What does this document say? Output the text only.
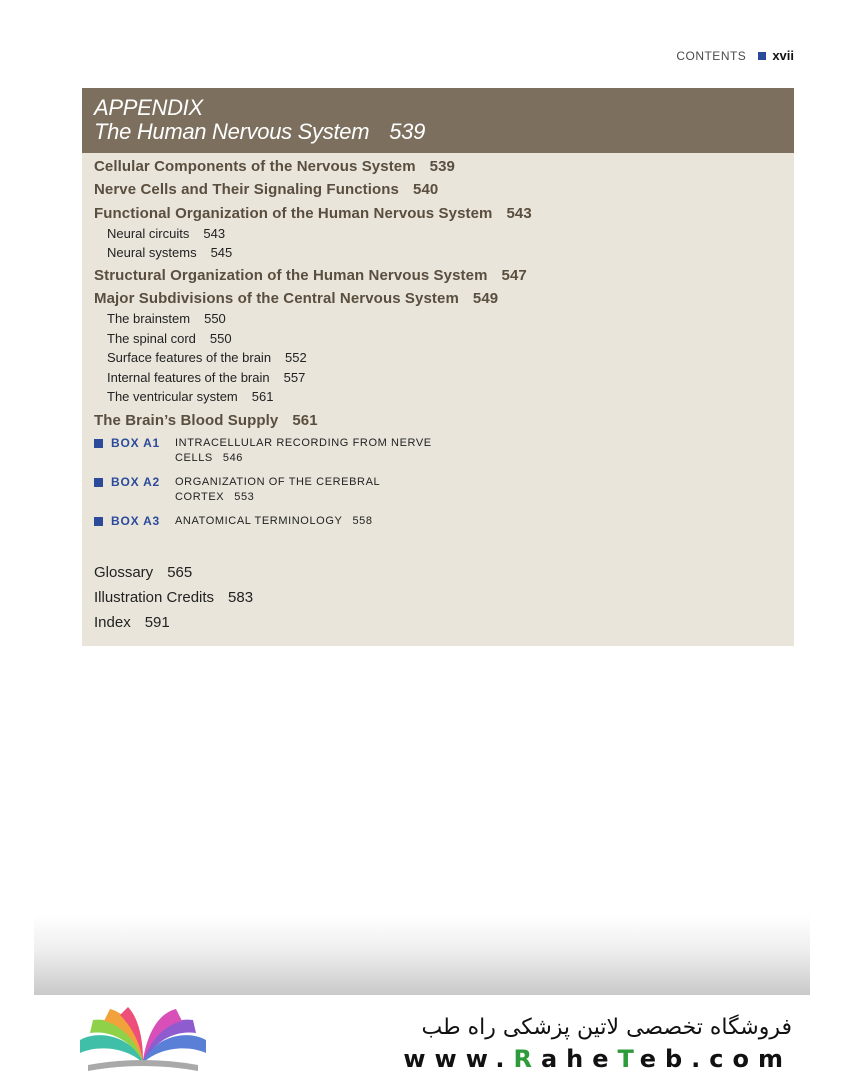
CONTENTS xvii
APPENDIX
The Human Nervous System 539
Cellular Components of the Nervous System 539
Nerve Cells and Their Signaling Functions 540
Functional Organization of the Human Nervous System 543
Neural circuits 543
Neural systems 545
Structural Organization of the Human Nervous System 547
Major Subdivisions of the Central Nervous System 549
The brainstem 550
The spinal cord 550
Surface features of the brain 552
Internal features of the brain 557
The ventricular system 561
The Brain’s Blood Supply 561
BOX A1	INTRACELLULAR RECORDING FROM NERVE
CELLS 546
BOX A2	ORGANIZATION OF THE CEREBRAL
CORTEX 553
BOX A3	ANATOMICAL TERMINOLOGY 558
Glossary 565
Illustration Credits 583
Index 591
فروشگاه تخصصی لاتین پزشکی راه طب
www.RaheTeb.com
